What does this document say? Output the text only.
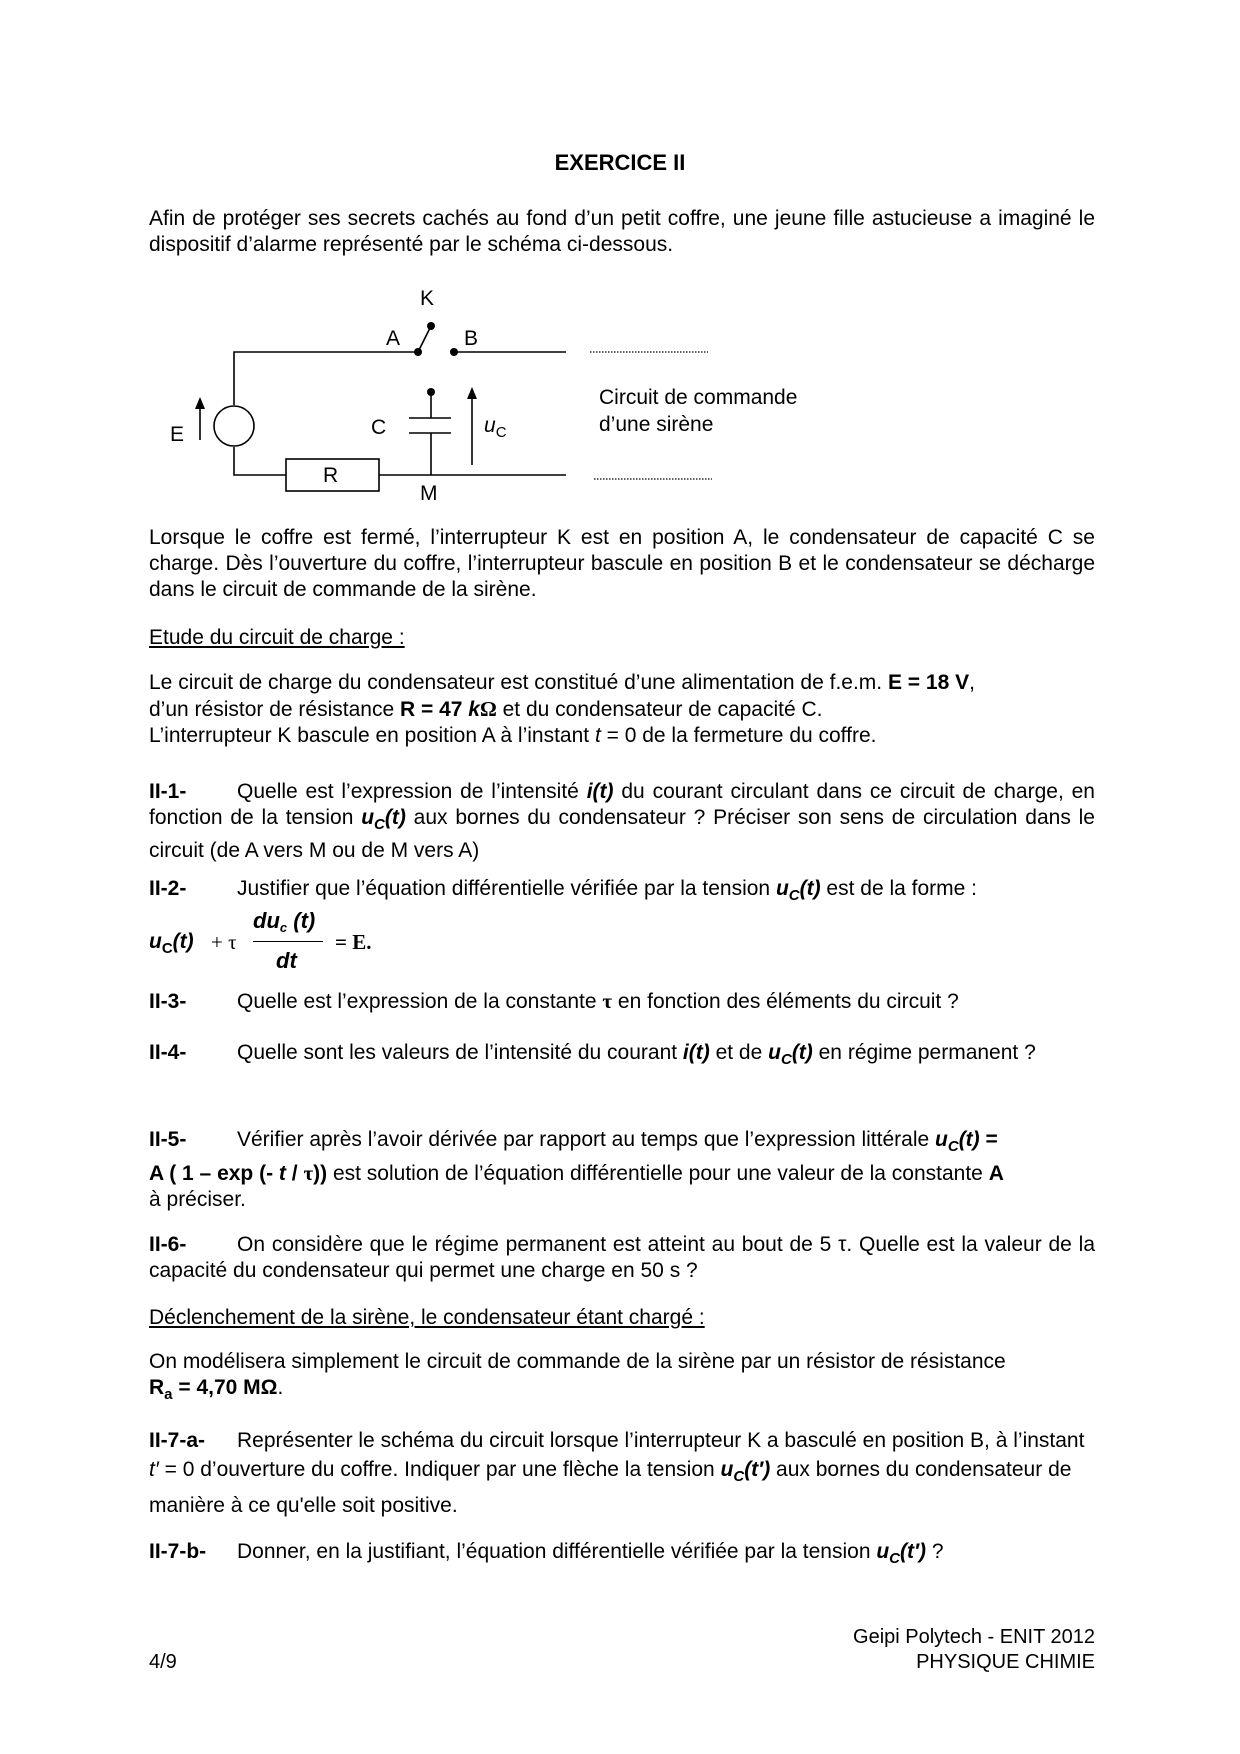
EXERCICE II
Afin de protéger ses secrets cachés au fond d’un petit coffre, une jeune fille astucieuse a imaginé le dispositif d’alarme représenté par le schéma ci-dessous.
K
A	B
E	C	$u_C$
R
M
Circuit de commande
d’une sirène
Lorsque le coffre est fermé, l’interrupteur K est en position A, le condensateur de capacité C se charge. Dès l’ouverture du coffre, l’interrupteur bascule en position B et le condensateur se décharge dans le circuit de commande de la sirène.
Etude du circuit de charge :
Le circuit de charge du condensateur est constitué d’une alimentation de f.e.m. E = 18 V,
d’un résistor de résistance R = 47 kΩ et du condensateur de capacité C.
L’interrupteur K bascule en position A à l’instant t = 0 de la fermeture du coffre.
II-1- Quelle est l’expression de l’intensité i(t) du courant circulant dans ce circuit de charge, en fonction de la tension $u_C(t)$ aux bornes du condensateur ? Préciser son sens de circulation dans le circuit (de A vers M ou de M vers A)
II-2- Justifier que l’équation différentielle vérifiée par la tension $u_C(t)$ est de la forme :
$u_C(t) + \tau$
duc (t)
dt
= E.
II-3- Quelle est l’expression de la constante τ en fonction des éléments du circuit ?
II-4- Quelle sont les valeurs de l’intensité du courant i(t) et de $u_C(t)$ en régime permanent ?
II-5- Vérifier après l’avoir dérivée par rapport au temps que l’expression littérale $u_C(t)$ =
A ( 1 – exp (- t / τ)) est solution de l’équation différentielle pour une valeur de la constante A
à préciser.
II-6- On considère que le régime permanent est atteint au bout de 5 τ. Quelle est la valeur de la capacité du condensateur qui permet une charge en 50 s ?
Déclenchement de la sirène, le condensateur étant chargé :
On modélisera simplement le circuit de commande de la sirène par un résistor de résistance
$R_a = 4,70$ MΩ.
II-7-a- Représenter le schéma du circuit lorsque l’interrupteur K a basculé en position B, à l’instant

t′ = 0 d’ouverture du coffre. Indiquer par une flèche la tension $u_C(t')$ aux bornes du condensateur de manière à ce qu'elle soit positive.
II-7-b- Donner, en la justifiant, l’équation différentielle vérifiée par la tension $u_C(t')$ ?
4/9
Geipi Polytech - ENIT 2012
PHYSIQUE CHIMIE
